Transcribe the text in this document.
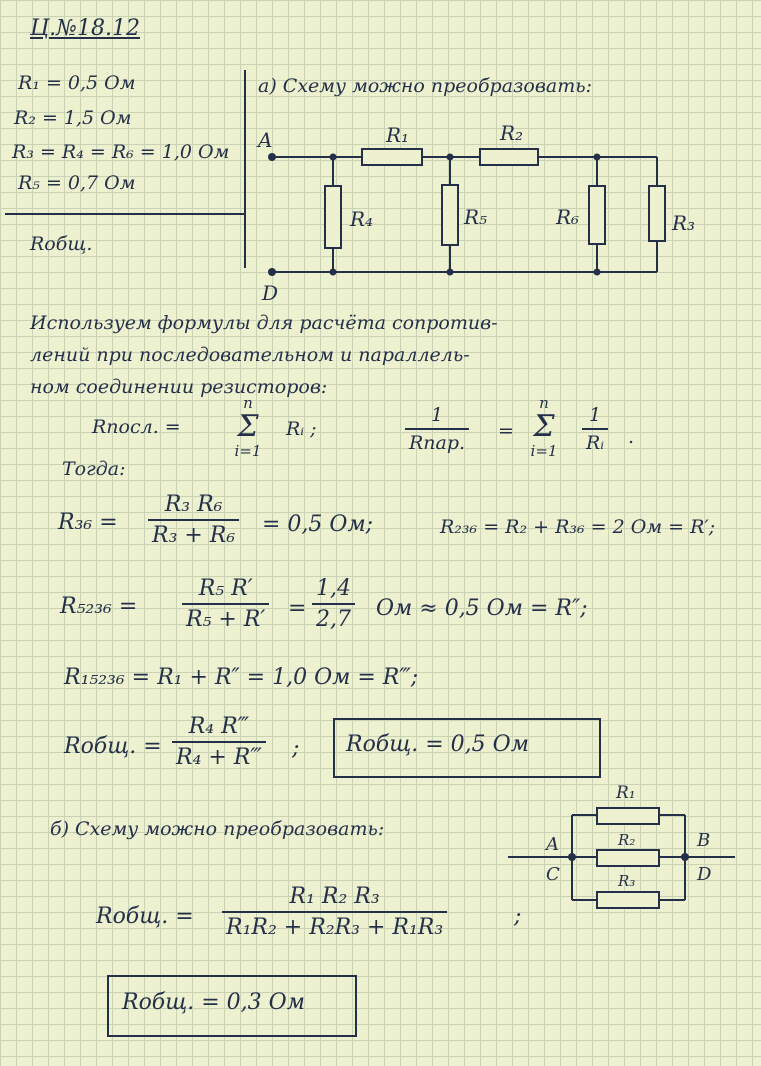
Ц.№18.12
R₁ = 0,5 Ом
R₂ = 1,5 Ом
R₃ = R₄ = R₆ = 1,0 Ом
R₅ = 0,7 Ом
Rобщ.
а) Схему можно преобразовать:
A
D
R₁	R₂
R₄	R₅	R₆	R₃
Используем формулы для расчёта сопротив-
лений при последовательном и параллель-
ном соединении резисторов:
Rпосл. =
n
Σ
i=1
Rᵢ ;
1
Rпар.
=
n
Σ
i=1	$\frac{1}{\text{Rᵢ}}$ .
Тогда:
$R_{36} = \frac{\text{R₃ R₆}}{\text{R₃ + R₆}} = 0,5$ Ом;	R₂₃₆ = R₂ + R₃₆ = 2 Ом = R′;
$R_{5236} = \frac{\text{R₅ R′}}{\text{R₅ + R′}} = \frac{1,4}{2,7}$ Ом ≈ 0,5 Ом = R″;
R₁₅₂₃₆ = R₁ + R″ = 1,0 Ом = R‴;
Rобщ. = $\frac{\text{R₄ R‴}}{\text{R₄ + R‴}}$ ; Rобщ. = 0,5 Ом
б) Схему можно преобразовать:
R₁
R₂
R₃
A
C
B
D
Rобщ. = $\frac{\text{R₁ R₂ R₃}}{\text{R₁R₂ + R₂R₃ + R₁R₃}}$	;
Rобщ. = 0,3 Ом
